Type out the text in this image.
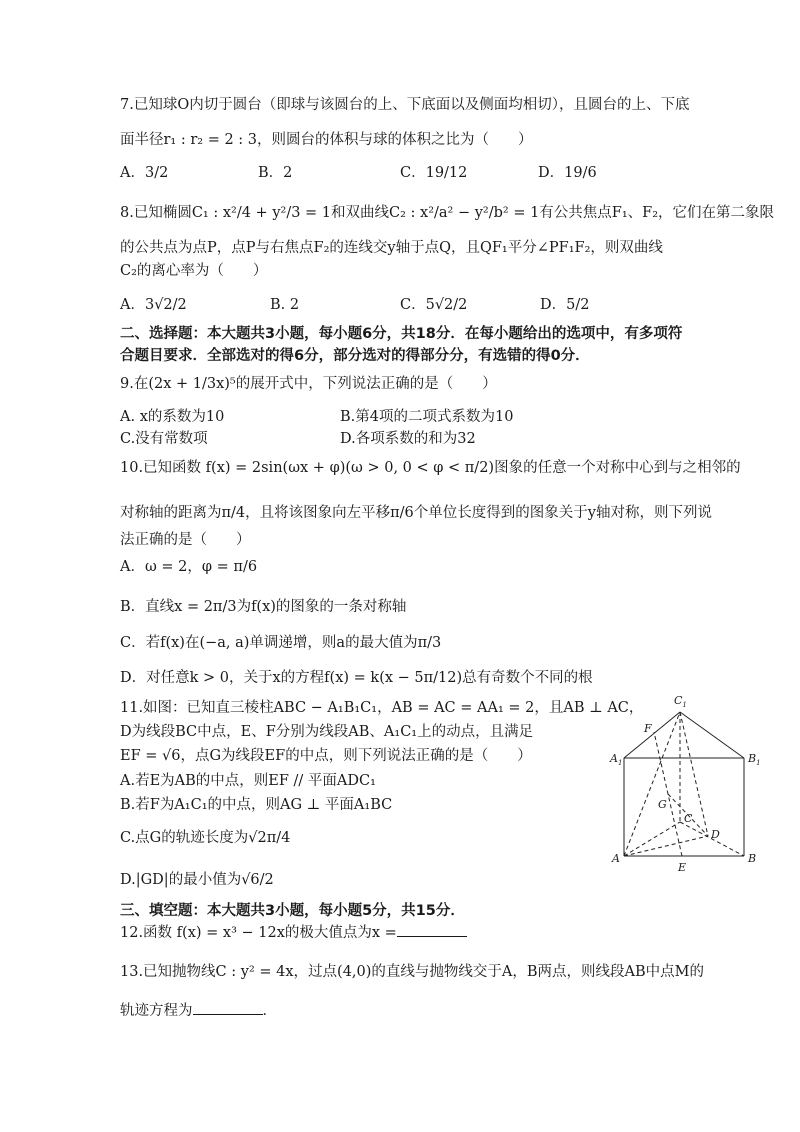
7.已知球O内切于圆台（即球与该圆台的上、下底面以及侧面均相切），且圆台的上、下底
面半径r₁ : r₂ = 2 : 3，则圆台的体积与球的体积之比为（　　）
8.已知椭圆C₁ : x²/4 + y²/3 = 1和双曲线C₂ : x²/a² − y²/b² = 1有公共焦点F₁、F₂，它们在第二象限
的公共点为点P，点P与右焦点F₂的连线交y轴于点Q，且QF₁平分∠PF₁F₂，则双曲线
C₂的离心率为（　　）
二、选择题：本大题共3小题，每小题6分，共18分．在每小题给出的选项中，有多项符
合题目要求．全部选对的得6分，部分选对的得部分分，有选错的得0分．
9.在(2x + 1/3x)⁵的展开式中，下列说法正确的是（　　）
10.已知函数 f(x) = 2sin(ωx + φ)(ω > 0, 0 < φ < π/2)图象的任意一个对称中心到与之相邻的
对称轴的距离为π/4，且将该图象向左平移π/6个单位长度得到的图象关于y轴对称，则下列说
法正确的是（　　）
A．ω = 2，φ = π/6
B．直线x = 2π/3为f(x)的图象的一条对称轴
C．若f(x)在(−a, a)单调递增，则a的最大值为π/3
D．对任意k > 0，关于x的方程f(x) = k(x − 5π/12)总有奇数个不同的根
11.如图：已知直三棱柱ABC − A₁B₁C₁，AB = AC = AA₁ = 2，且AB ⊥ AC，
D为线段BC中点，E、F分别为线段AB、A₁C₁上的动点，且满足
EF = √6，点G为线段EF的中点，则下列说法正确的是（　　）
A.若E为AB的中点，则EF // 平面ADC₁
B.若F为A₁C₁的中点，则AG ⊥ 平面A₁BC
C.点G的轨迹长度为√2π/4
D.|GD|的最小值为√6/2
三、填空题：本大题共3小题，每小题5分，共15分．
12.函数 f(x) = x³ − 12x的极大值点为x =
13.已知抛物线C : y² = 4x，过点(4,0)的直线与抛物线交于A，B两点，则线段AB中点M的
轨迹方程为	．
A．3/2	B．2	C．19/12	D．19/6
A．3√2/2	B. 2	C．5√2/2	D．5/2
A. x的系数为10	B.第4项的二项式系数为10
C.没有常数项	D.各项系数的和为32
$C_1$
F
$A_1$	$B_1$
G
C
D
A	B
E
